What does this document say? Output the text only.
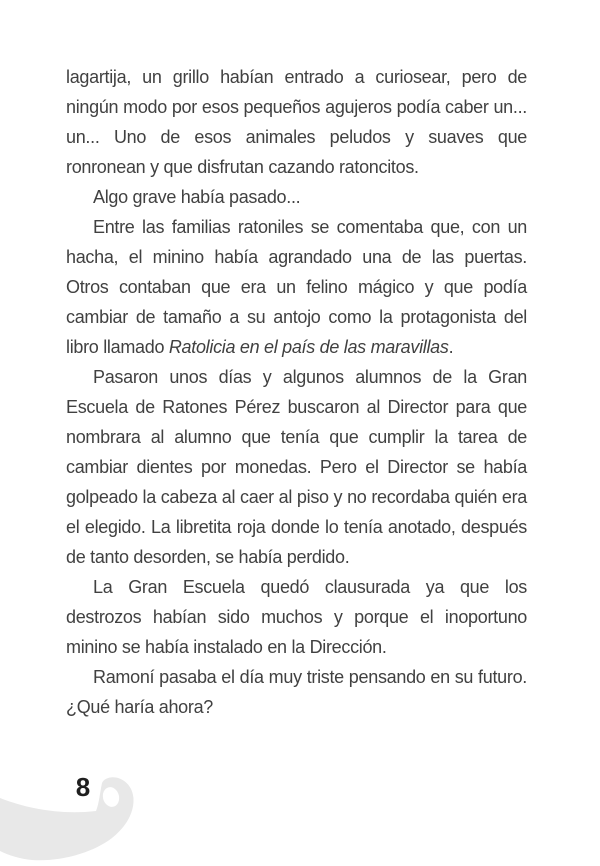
lagartija, un grillo habían entrado a curiosear, pero de ningún modo por esos pequeños agujeros podía caber un... un... Uno de esos animales peludos y suaves que ronronean y que disfrutan cazando ratoncitos.

Algo grave había pasado...

Entre las familias ratoniles se comentaba que, con un hacha, el minino había agrandado una de las puertas. Otros contaban que era un felino mágico y que podía cambiar de tamaño a su antojo como la protagonista del libro llamado Ratolicia en el país de las maravillas.

Pasaron unos días y algunos alumnos de la Gran Escuela de Ratones Pérez buscaron al Director para que nombrara al alumno que tenía que cumplir la tarea de cambiar dientes por monedas. Pero el Director se había golpeado la cabeza al caer al piso y no recordaba quién era el elegido. La libretita roja donde lo tenía anotado, después de tanto desorden, se había perdido.

La Gran Escuela quedó clausurada ya que los destrozos habían sido muchos y porque el inoportuno minino se había instalado en la Dirección.

Ramoní pasaba el día muy triste pensando en su futuro. ¿Qué haría ahora?

8
